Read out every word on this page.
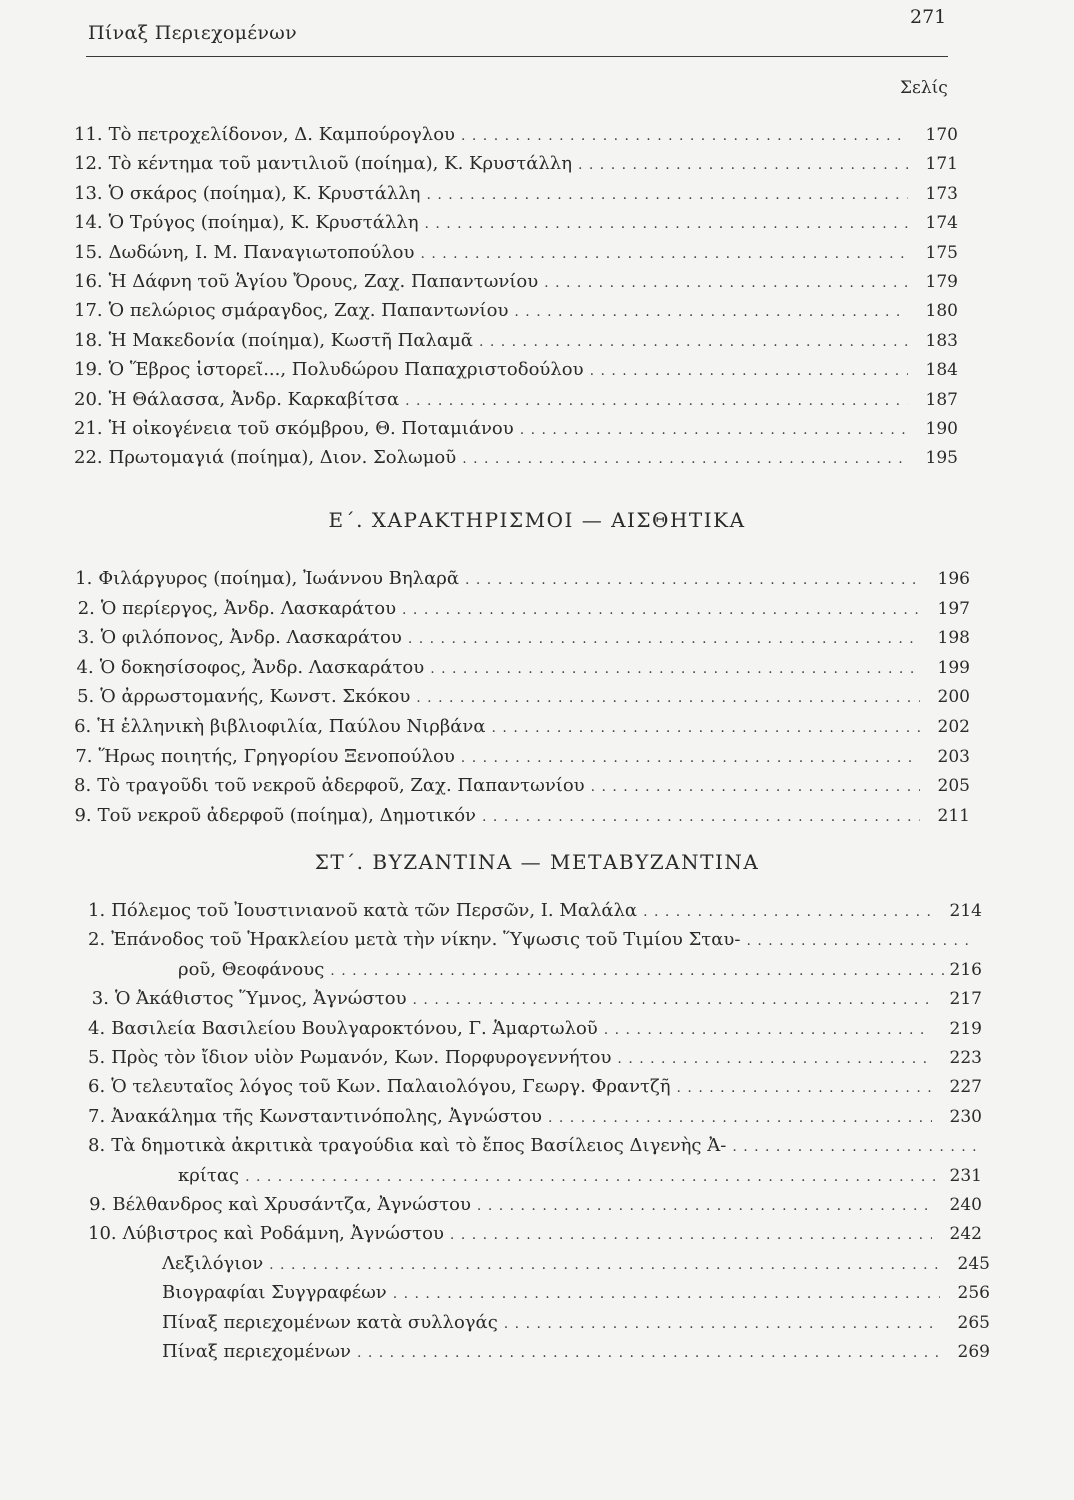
Πίναξ Περιεχομένων
271
Σελίς
11. Τὸ πετροχελίδονον, Δ. Καμπούρογλου . . .	170
12. Τὸ κέντημα τοῦ μαντιλιοῦ (ποίημα), Κ. Κρυστάλλη . . .	171
13. Ὁ σκάρος (ποίημα), Κ. Κρυστάλλη . . .	173
14. Ὁ Τρύγος (ποίημα), Κ. Κρυστάλλη . . .	174
15. Δωδώνη, Ι. Μ. Παναγιωτοπούλου . . .	175
16. Ἡ Δάφνη τοῦ Ἁγίου Ὄρους, Ζαχ. Παπαντωνίου . . .	179
17. Ὁ πελώριος σμάραγδος, Ζαχ. Παπαντωνίου . . .	180
18. Ἡ Μακεδονία (ποίημα), Κωστῆ Παλαμᾶ . . .	183
19. Ὁ Ἕβρος ἱστορεῖ..., Πολυδώρου Παπαχριστοδούλου . . .	184
20. Ἡ Θάλασσα, Ἀνδρ. Καρκαβίτσα . . .	187
21. Ἡ οἰκογένεια τοῦ σκόμβρου, Θ. Ποταμιάνου . . .	190
22. Πρωτομαγιά (ποίημα), Διον. Σολωμοῦ . . .	195
Ε΄. ΧΑΡΑΚΤΗΡΙΣΜΟΙ — ΑΙΣΘΗΤΙΚΑ
1. Φιλάργυρος (ποίημα), Ἰωάννου Βηλαρᾶ . . .	196
2. Ὁ περίεργος, Ἀνδρ. Λασκαράτου . . .	197
3. Ὁ φιλόπονος, Ἀνδρ. Λασκαράτου . . .	198
4. Ὁ δοκησίσοφος, Ἀνδρ. Λασκαράτου . . .	199
5. Ὁ ἀρρωστομανής, Κωνστ. Σκόκου . . .	200
6. Ἡ ἑλληνικὴ βιβλιοφιλία, Παύλου Νιρβάνα . . .	202
7. Ἥρως ποιητής, Γρηγορίου Ξενοπούλου . . .	203
8. Τὸ τραγοῦδι τοῦ νεκροῦ ἀδερφοῦ, Ζαχ. Παπαντωνίου . . .	205
9. Τοῦ νεκροῦ ἀδερφοῦ (ποίημα), Δημοτικόν . . .	211
ΣΤ΄. ΒΥΖΑΝΤΙΝΑ — ΜΕΤΑΒΥΖΑΝΤΙΝΑ
1. Πόλεμος τοῦ Ἰουστινιανοῦ κατὰ τῶν Περσῶν, Ι. Μαλάλα . . .	214
2. Ἐπάνοδος τοῦ Ἡρακλείου μετὰ τὴν νίκην. Ὕψωσις τοῦ Τιμίου Σταυ-
. . .
ροῦ, Θεοφάνους . . .	216
3. Ὁ Ἀκάθιστος Ὕμνος, Ἀγνώστου . . .	217
4. Βασιλεία Βασιλείου Βουλγαροκτόνου, Γ. Ἁμαρτωλοῦ . . .	219
5. Πρὸς τὸν ἴδιον υἱὸν Ρωμανόν, Κων. Πορφυρογεννήτου . . .	223
6. Ὁ τελευταῖος λόγος τοῦ Κων. Παλαιολόγου, Γεωργ. Φραντζῆ . . .	227
7. Ἀνακάλημα τῆς Κωνσταντινόπολης, Ἀγνώστου . . .	230
8. Τὰ δημοτικὰ ἀκριτικὰ τραγούδια καὶ τὸ ἔπος Βασίλειος Διγενὴς Ἀ-
. . .
κρίτας . . .	231
9. Βέλθανδρος καὶ Χρυσάντζα, Ἀγνώστου . . .	240
10. Λύβιστρος καὶ Ροδάμνη, Ἀγνώστου . . .	242
Λεξιλόγιον . . .	245
Βιογραφίαι Συγγραφέων . . .	256
Πίναξ περιεχομένων κατὰ συλλογάς . . .	265
Πίναξ περιεχομένων . . .	269
